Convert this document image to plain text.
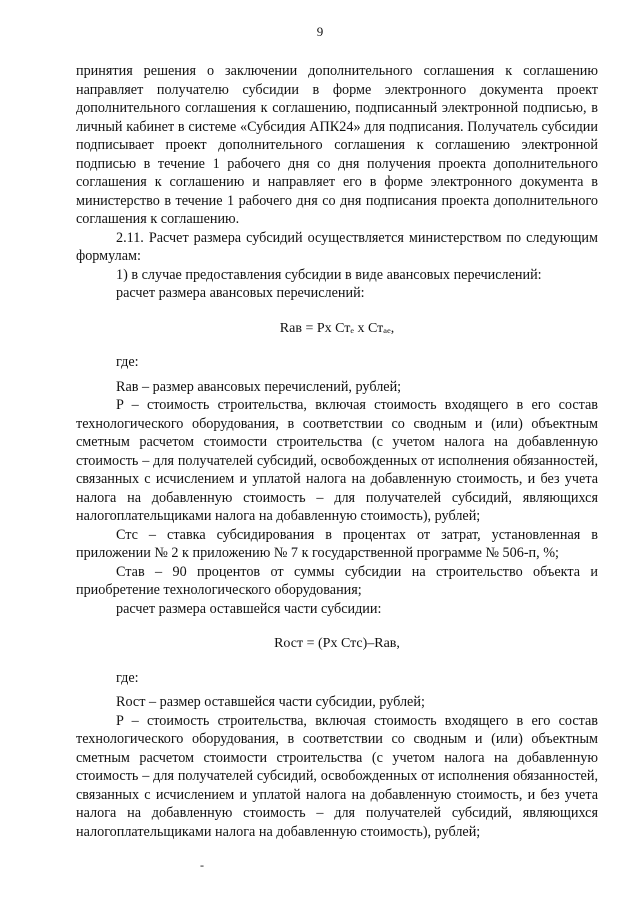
9

принятия решения о заключении дополнительного соглашения к соглашению направляет получателю субсидии в форме электронного документа проект дополнительного соглашения к соглашению, подписанный электронной подписью, в личный кабинет в системе «Субсидия АПК24» для подписания. Получатель субсидии подписывает проект дополнительного соглашения к соглашению электронной подписью в течение 1 рабочего дня со дня получения проекта дополнительного соглашения к соглашению и направляет его в форме электронного документа в министерство в течение 1 рабочего дня со дня подписания проекта дополнительного соглашения к соглашению.

2.11. Расчет размера субсидий осуществляется министерством по следующим формулам:

1) в случае предоставления субсидии в виде авансовых перечислений:

расчет размера авансовых перечислений:

Rав = Pх Стₑ х Стₐₑ,

где:

Rав – размер авансовых перечислений, рублей;

P – стоимость строительства, включая стоимость входящего в его состав технологического оборудования, в соответствии со сводным и (или) объектным сметным расчетом стоимости строительства (с учетом налога на добавленную стоимость – для получателей субсидий, освобожденных от исполнения обязанностей, связанных с исчислением и уплатой налога на добавленную стоимость, и без учета налога на добавленную стоимость – для получателей субсидий, являющихся налогоплательщиками налога на добавленную стоимость), рублей;

Стс – ставка субсидирования в процентах от затрат, установленная в приложении № 2 к приложению № 7 к государственной программе № 506-п, %;

Став – 90 процентов от суммы субсидии на строительство объекта и приобретение технологического оборудования;

расчет размера оставшейся части субсидии:

Rост = (Pх Стс)–Rав,

где:

Rост – размер оставшейся части субсидии, рублей;

P – стоимость строительства, включая стоимость входящего в его состав технологического оборудования, в соответствии со сводным и (или) объектным сметным расчетом стоимости строительства (с учетом налога на добавленную стоимость – для получателей субсидий, освобожденных от исполнения обязанностей, связанных с исчислением и уплатой налога на добавленную стоимость, и без учета налога на добавленную стоимость – для получателей субсидий, являющихся налогоплательщиками налога на добавленную стоимость), рублей;

-
